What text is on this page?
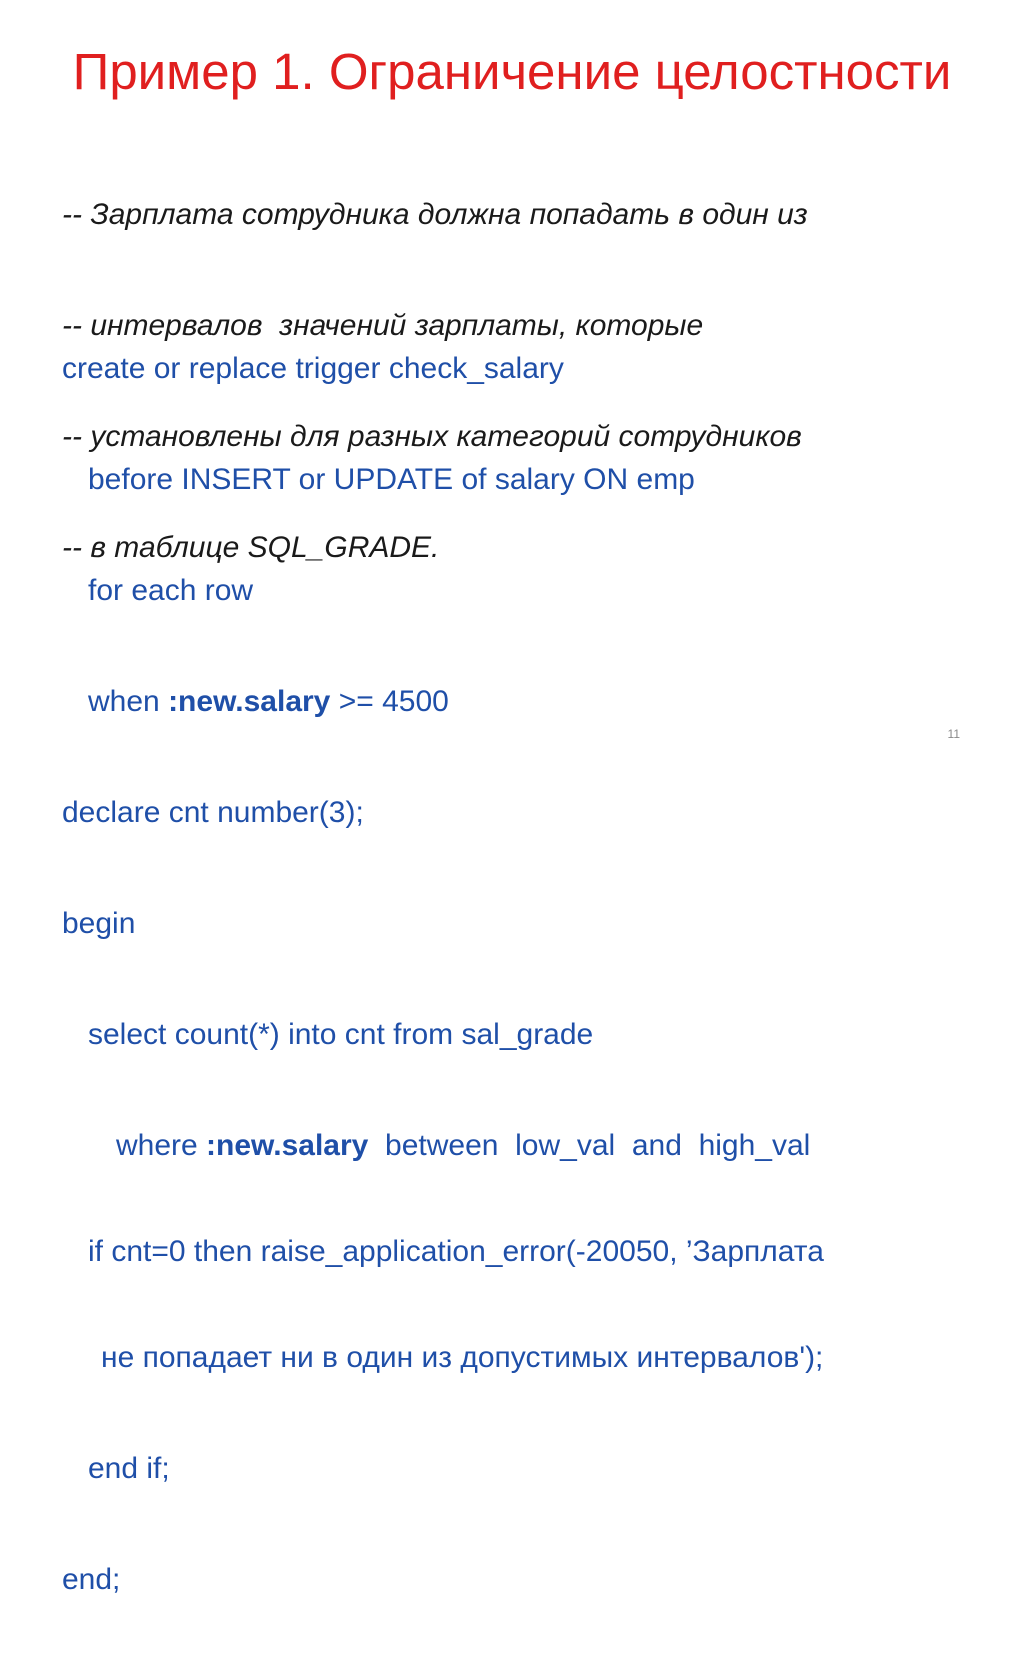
Пример 1. Ограничение целостности

-- Зарплата сотрудника должна попадать в один из

-- интервалов  значений зарплаты, которые

-- установлены для разных категорий сотрудников

-- в таблице SQL_GRADE.

create or replace trigger check_salary

before INSERT or UPDATE of salary ON emp

for each row

when :new.salary >= 4500

declare cnt number(3);

begin

select count(*) into cnt from sal_grade

where :new.salary  between  low_val  and  high_val

if cnt=0 then raise_application_error(-20050, ’Зарплата

не попадает ни в один из допустимых интервалов');

end if;

end;

11
